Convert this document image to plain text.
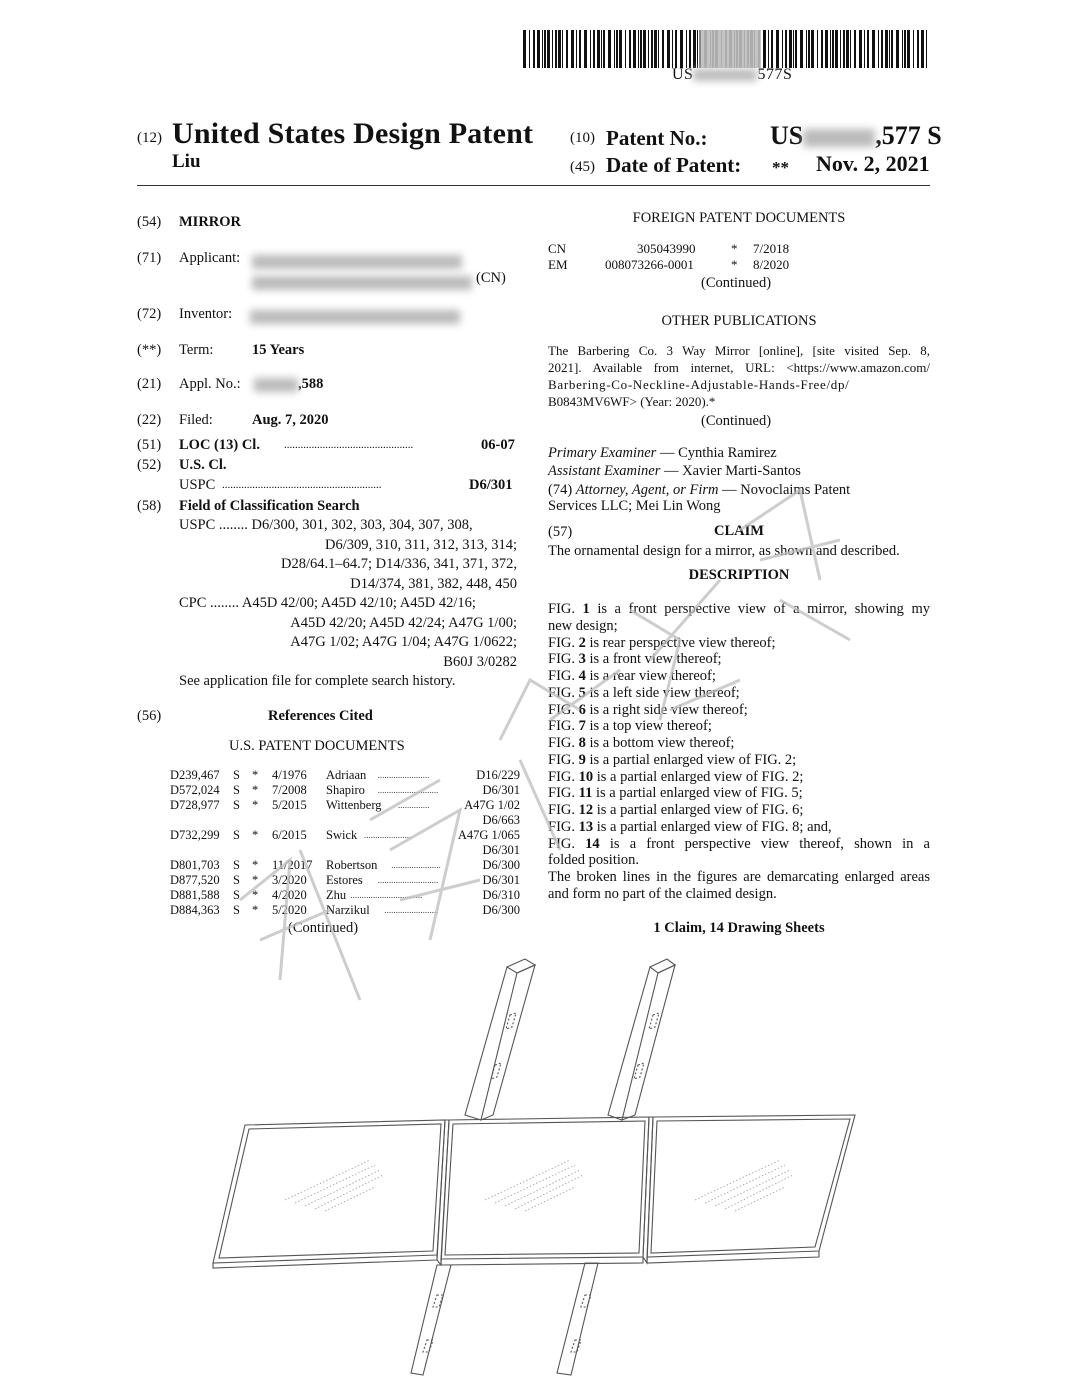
US	577S
(12) United States Design Patent
Liu
(10) Patent No.: US	,577 S
(45) Date of Patent: ** Nov. 2, 2021
(54) MIRROR
(71) Applicant:

(CN)
(72) Inventor:
(**) Term:	15 Years
(21) Appl. No.:	,588
(22) Filed:	Aug. 7, 2020
(51) LOC (13) Cl. ...............................................	06-07
(52) U.S. Cl.
USPC ..........................................................	D6/301
(58) Field of Classification Search
USPC ........ D6/300, 301, 302, 303, 304, 307, 308,
D6/309, 310, 311, 312, 313, 314;
D28/64.1–64.7; D14/336, 341, 371, 372,
D14/374, 381, 382, 448, 450
CPC ........ A45D 42/00; A45D 42/10; A45D 42/16;
A45D 42/20; A45D 42/24; A47G 1/00;
A47G 1/02; A47G 1/04; A47G 1/0622;
B60J 3/0282
See application file for complete search history.
(56)	References Cited
U.S. PATENT DOCUMENTS
D239,467 S * 4/1976 Adriaan	D16/229
.......................
D572,024 S * 7/2008 Shapiro	D6/301
...........................
D728,977 S * 5/2015 Wittenberg	A47G 1/02
..............
D6/663
D732,299 S * 6/2015 Swick	A47G 1/065
.....................
D6/301
D801,703 S * 11/2017 Robertson	D6/300
......................
D877,520 S * 3/2020 Estores	D6/301
...........................
D881,588 S * 4/2020 Zhu	D6/310
................................
D884,363 S * 5/2020 Narzikul	D6/300
........................
(Continued)
FOREIGN PATENT DOCUMENTS
CN	305043990	* 7/2018
EM	008073266-0001	* 8/2020
(Continued)
OTHER PUBLICATIONS
The Barbering Co. 3 Way Mirror [online], [site visited Sep. 8,
2021]. Available from internet, URL: <https://www.amazon.com/
Barbering-Co-Neckline-Adjustable-Hands-Free/dp/
B0843MV6WF> (Year: 2020).*
(Continued)
Primary Examiner — Cynthia Ramirez
Assistant Examiner — Xavier Marti-Santos
(74) Attorney, Agent, or Firm — Novoclaims Patent
Services LLC; Mei Lin Wong
(57)	CLAIM
The ornamental design for a mirror, as shown and described.
DESCRIPTION
FIG. 1 is a front perspective view of a mirror, showing my
new design;
FIG. 2 is rear perspective view thereof;
FIG. 3 is a front view thereof;
FIG. 4 is a rear view thereof;
FIG. 5 is a left side view thereof;
FIG. 6 is a right side view thereof;
FIG. 7 is a top view thereof;
FIG. 8 is a bottom view thereof;
FIG. 9 is a partial enlarged view of FIG. 2;
FIG. 10 is a partial enlarged view of FIG. 2;
FIG. 11 is a partial enlarged view of FIG. 5;
FIG. 12 is a partial enlarged view of FIG. 6;
FIG. 13 is a partial enlarged view of FIG. 8; and,
FIG. 14 is a front perspective view thereof, shown in a
folded position.
The broken lines in the figures are demarcating enlarged areas and form no part of the claimed design.
1 Claim, 14 Drawing Sheets
